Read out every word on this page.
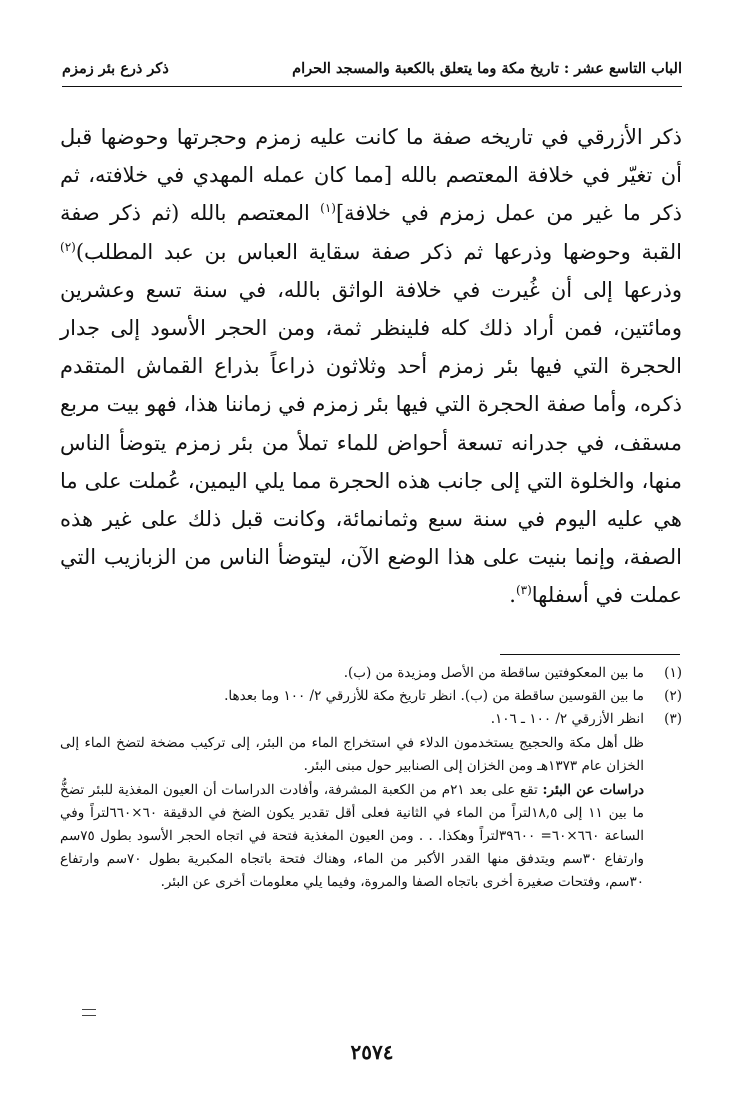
الباب التاسع عشر : تاريخ مكة وما يتعلق بالكعبة والمسجد الحرام
ذكر ذرع بئر زمزم
ذكر الأزرقي في تاريخه صفة ما كانت عليه زمزم وحجرتها وحوضها قبل أن تغيّر في خلافة المعتصم بالله [مما كان عمله المهدي في خلافته، ثم ذكر ما غير من عمل زمزم في خلافة]$^{(١)}$ المعتصم بالله (ثم ذكر صفة القبة وحوضها وذرعها ثم ذكر صفة سقاية العباس بن عبد المطلب)$^{(٢)}$ وذرعها إلى أن غُيرت في خلافة الواثق بالله، في سنة تسع وعشرين ومائتين، فمن أراد ذلك كله فلينظر ثمة، ومن الحجر الأسود إلى جدار الحجرة التي فيها بئر زمزم أحد وثلاثون ذراعاً بذراع القماش المتقدم ذكره، وأما صفة الحجرة التي فيها بئر زمزم في زماننا هذا، فهو بيت مربع مسقف، في جدرانه تسعة أحواض للماء تملأ من بئر زمزم يتوضأ الناس منها، والخلوة التي إلى جانب هذه الحجرة مما يلي اليمين، عُملت على ما هي عليه اليوم في سنة سبع وثمانمائة، وكانت قبل ذلك على غير هذه الصفة، وإنما بنيت على هذا الوضع الآن، ليتوضأ الناس من الزبازيب التي عملت في أسفلها$^{(٣)}$.
(١)
ما بين المعكوفتين ساقطة من الأصل ومزيدة من (ب).
(٢)
ما بين القوسين ساقطة من (ب). انظر تاريخ مكة للأزرقي ٢/ ١٠٠ وما بعدها.
(٣)
انظر الأزرقي ٢/ ١٠٠ ـ ١٠٦.
ظل أهل مكة والحجيج يستخدمون الدلاء في استخراج الماء من البئر، إلى تركيب مضخة لتضخ الماء إلى الخزان عام ١٣٧٣هـ ومن الخزان إلى الصنابير حول مبنى البئر.
دراسات عن البئر: تقع على بعد ٢١م من الكعبة المشرفة، وأفادت الدراسات أن العيون المغذية للبئر تضخُّ ما بين ١١ إلى ١٨,٥لتراً من الماء في الثانية فعلى أقل تقدير يكون الضخ في الدقيقة ٦٠×٦٦٠لتراً وفي الساعة ٦٦٠×٦٠= ٣٩٦٠٠لتراً وهكذا. . . ومن العيون المغذية فتحة في اتجاه الحجر الأسود بطول ٧٥سم وارتفاع ٣٠سم ويتدفق منها القدر الأكبر من الماء، وهناك فتحة باتجاه المكبرية بطول ٧٠سم وارتفاع ٣٠سم، وفتحات صغيرة أخرى باتجاه الصفا والمروة، وفيما يلي معلومات أخرى عن البئر.
٢٥٧٤
